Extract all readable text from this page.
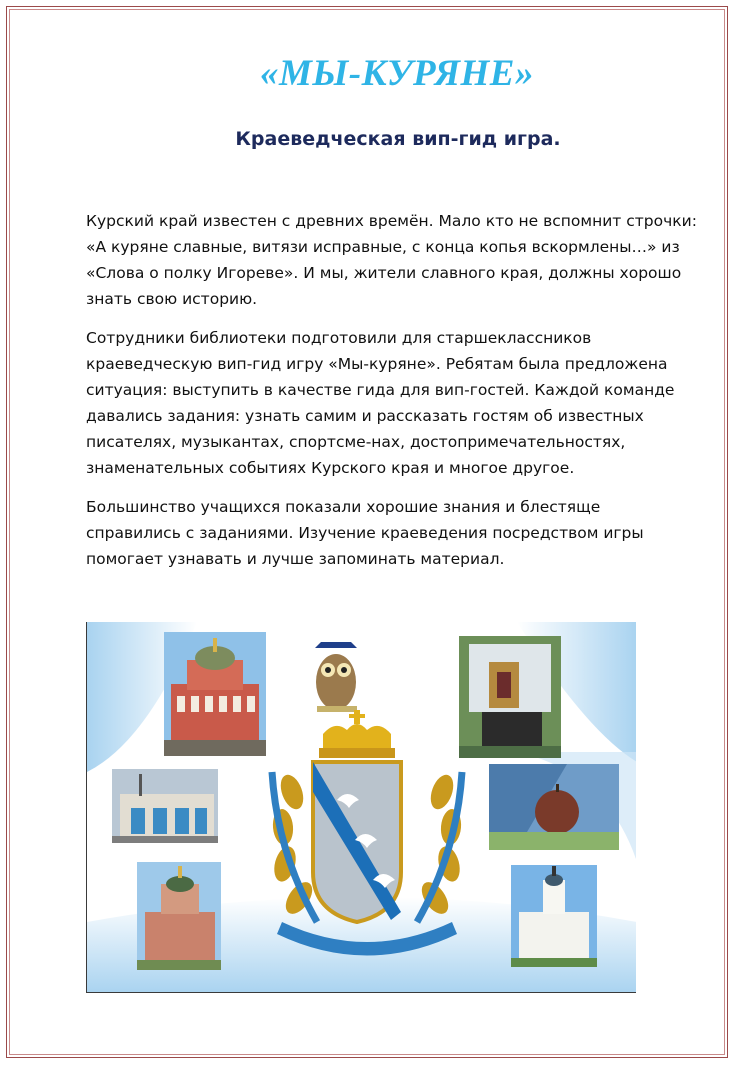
«МЫ-КУРЯНЕ»
Краеведческая вип-гид игра.

Курский край известен с древних времён. Мало кто не вспомнит строчки: «А куряне славные, витязи исправные, с конца копья вскормлены…» из «Слова о полку Игореве». И мы, жители славного края, должны хорошо знать свою историю.

Сотрудники библиотеки подготовили для старшеклассников краеведческую вип-гид игру «Мы-куряне». Ребятам была предложена ситуация: выступить в качестве гида для вип-гостей. Каждой команде давались задания: узнать самим и рассказать гостям об известных писателях, музыкантах, спортсме-нах, достопримечательностях, знаменательных событиях Курского края и многое другое.

Большинство учащихся показали хорошие знания и блестяще справились с заданиями. Изучение краеведения посредством игры помогает узнавать и лучше запоминать материал.
